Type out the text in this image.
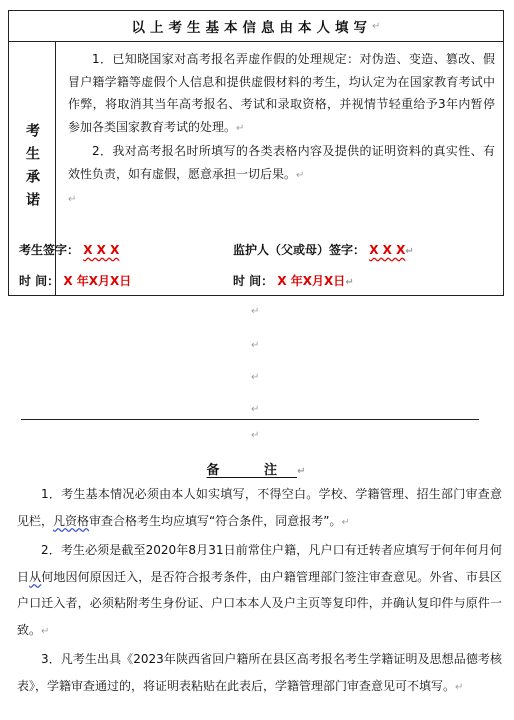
以上考生基本信息由本人填写 ↵
考生承诺

1．已知晓国家对高考报名弄虚作假的处理规定：对伪造、变造、篡改、假冒户籍学籍等虚假个人信息和提供虚假材料的考生，均认定为在国家教育考试中作弊，将取消其当年高考报名、考试和录取资格，并视情节轻重给予3年内暂停参加各类国家教育考试的处理。↵

2．我对高考报名时所填写的各类表格内容及提供的证明资料的真实性、有效性负责，如有虚假，愿意承担一切后果。↵

↵

考生签字： X X X	监护人（父或母）签字： X X X↵
时 间： X 年X月X日	时 间： X 年X月X日↵
↵
↵
↵
↵
↵
备 注↵

1．考生基本情况必须由本人如实填写，不得空白。学校、学籍管理、招生部门审查意见栏，凡资格审查合格考生均应填写“符合条件，同意报考”。↵

2．考生必须是截至2020年8月31日前常住户籍，凡户口有迁转者应填写于何年何月何日从何地因何原因迁入，是否符合报考条件，由户籍管理部门签注审查意见。外省、市县区户口迁入者，必须粘附考生身份证、户口本本人及户主页等复印件，并确认复印件与原件一致。↵

3．凡考生出具《2023年陕西省回户籍所在县区高考报名考生学籍证明及思想品德考核表》，学籍审查通过的，将证明表粘贴在此表后，学籍管理部门审查意见可不填写。↵
